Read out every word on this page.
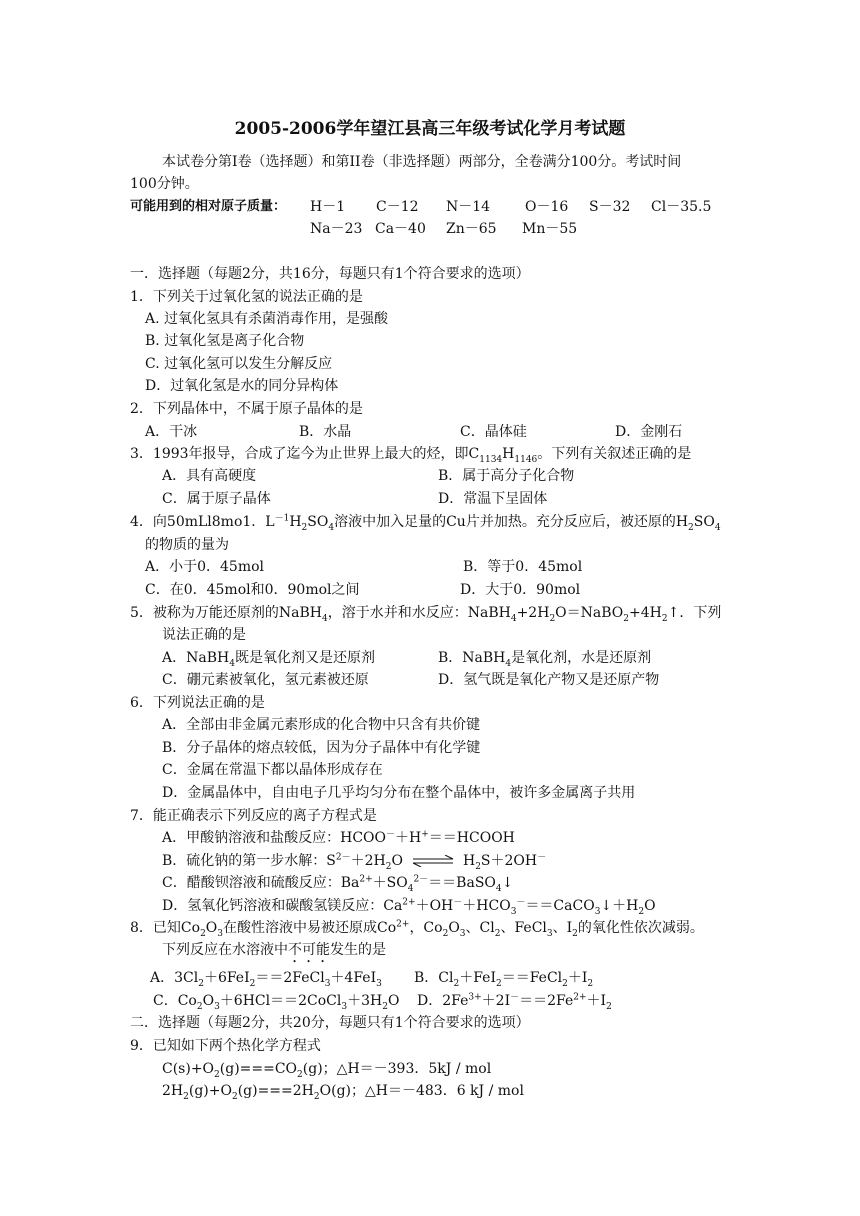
2005-2006学年望江县高三年级考试化学月考试题
本试卷分第I卷（选择题）和第II卷（非选择题）两部分，全卷满分100分。考试时间
100分钟。
可能用到的相对原子质量： H－1 C－12 N－14 O－16 S－32 Cl－35.5
Na－23 Ca－40 Zn－65 Mn－55
一．选择题（每题2分，共16分，每题只有1个符合要求的选项）
1．下列关于过氧化氢的说法正确的是
A. 过氧化氢具有杀菌消毒作用，是强酸
B. 过氧化氢是离子化合物
C. 过氧化氢可以发生分解反应
D．过氧化氢是水的同分异构体
2．下列晶体中，不属于原子晶体的是
A．干冰	B．水晶	C．晶体硅	D．金刚石
3．1993年报导，合成了迄今为止世界上最大的烃，即$C_{1134}H_{1146}$。下列有关叙述正确的是
A．具有高硬度	B．属于高分子化合物
C．属于原子晶体	D．常温下呈固体
4．向50mLl8mo1．$L^{-1}H_2SO_4$溶液中加入足量的Cu片并加热。充分反应后，被还原的$H_2SO_4$
的物质的量为
A．小于0．45mol	B．等于0．45mol
C．在0．45mol和0．90mol之间	D．大于0．90mol
5．被称为万能还原剂的NaBH$_4$，溶于水并和水反应：$NaBH_4+2H_2O=NaBO_2+4H_2↑$．下列
说法正确的是
A．NaBH$_4$既是氧化剂又是还原剂	B．NaBH$_4$是氧化剂，水是还原剂
C．硼元素被氧化，氢元素被还原	D．氢气既是氧化产物又是还原产物
6．下列说法正确的是
A．全部由非金属元素形成的化合物中只含有共价键
B．分子晶体的熔点较低，因为分子晶体中有化学键
C．金属在常温下都以晶体形成存在
D．金属晶体中，自由电子几乎均匀分布在整个晶体中，被许多金属离子共用
7．能正确表示下列反应的离子方程式是
A．甲酸钠溶液和盐酸反应：HCOO－＋H+＝＝HCOOH
B．硫化钠的第一步水解：$S^{2-}+2H_2O$ ⇌ $H_2S+2OH^-$
C．醋酸钡溶液和硫酸反应：$Ba^{2+}+SO_4^{2-}==BaSO_4↓$
D．氢氧化钙溶液和碳酸氢镁反应：$Ca^{2+}+OH^-+HCO_3^-==CaCO_3↓+H_2O$
8．已知$Co_2O_3$在酸性溶液中易被还原成$Co^{2+}$，$Co_2O_3$、$Cl_2$、FeCl$_3$、$I_2$的氧化性依次减弱。
下列反应在水溶液中不可能发生的是
A．$3Cl_2+6FeI_2==2FeCl_3+4FeI_3$ B．$Cl_2+FeI_2==FeCl_2+I_2$
C．$Co_2O_3+6HCl==2CoCl_3+3H_2O$ D．$2Fe^{3+}+2I^-==2Fe^{2+}+I_2$
二．选择题（每题2分，共20分，每题只有1个符合要求的选项）
9．已知如下两个热化学方程式
$C(s)+O_2(g)===CO_2(g)$；△H＝－393．5kJ / mol
$2H_2(g)+O_2(g)===2H_2O(g)$；△H＝－483．6 kJ / mol
